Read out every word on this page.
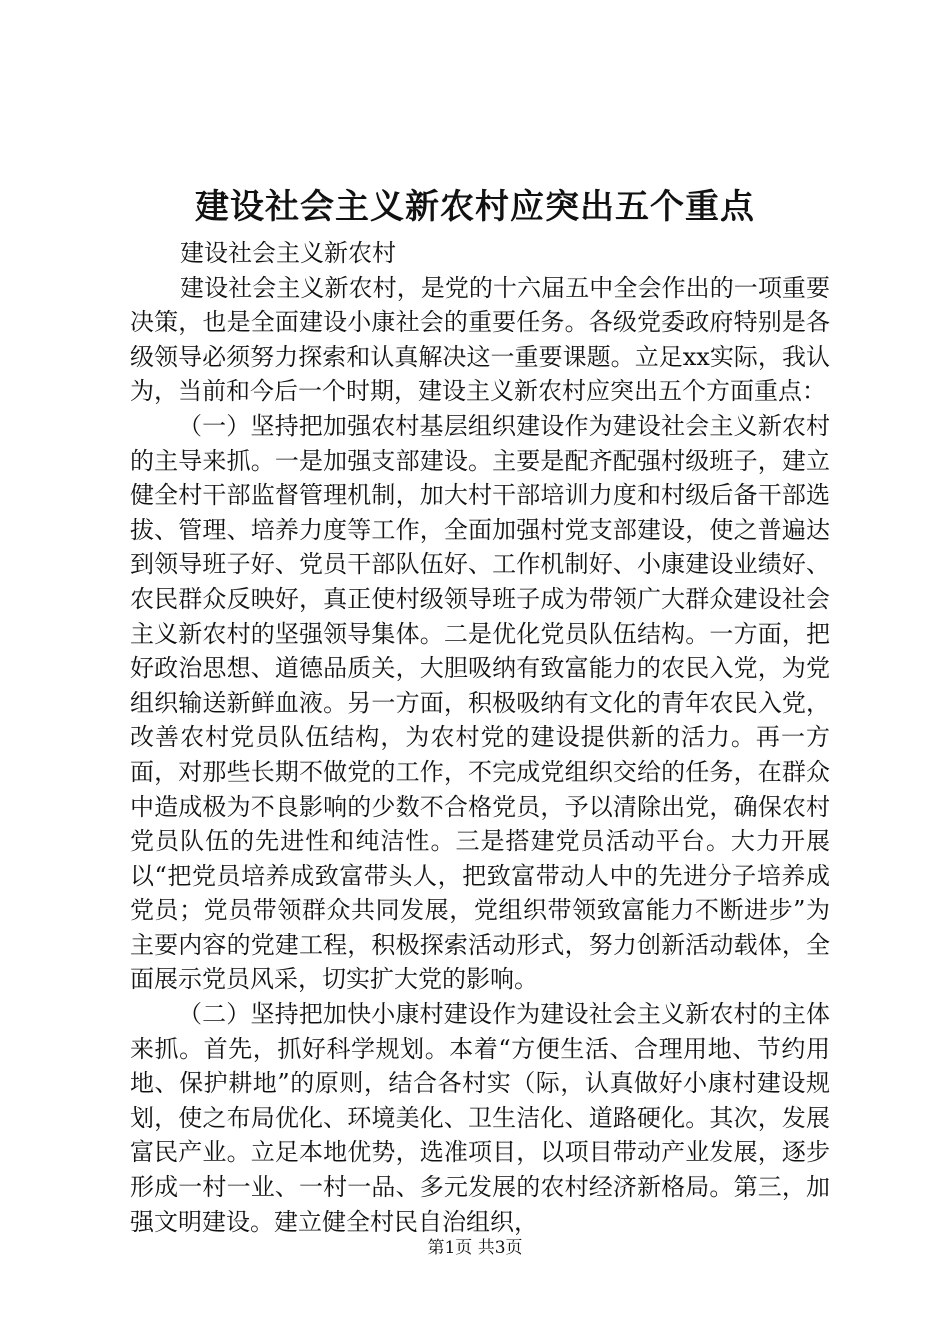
建设社会主义新农村应突出五个重点

建设社会主义新农村

建设社会主义新农村，是党的十六届五中全会作出的一项重要决策，也是全面建设小康社会的重要任务。各级党委政府特别是各级领导必须努力探索和认真解决这一重要课题。立足xx实际，我认为，当前和今后一个时期，建设主义新农村应突出五个方面重点：

（一）坚持把加强农村基层组织建设作为建设社会主义新农村的主导来抓。一是加强支部建设。主要是配齐配强村级班子，建立健全村干部监督管理机制，加大村干部培训力度和村级后备干部选拔、管理、培养力度等工作，全面加强村党支部建设，使之普遍达到领导班子好、党员干部队伍好、工作机制好、小康建设业绩好、农民群众反映好，真正使村级领导班子成为带领广大群众建设社会主义新农村的坚强领导集体。二是优化党员队伍结构。一方面，把好政治思想、道德品质关，大胆吸纳有致富能力的农民入党，为党组织输送新鲜血液。另一方面，积极吸纳有文化的青年农民入党，改善农村党员队伍结构，为农村党的建设提供新的活力。再一方面，对那些长期不做党的工作，不完成党组织交给的任务，在群众中造成极为不良影响的少数不合格党员，予以清除出党，确保农村党员队伍的先进性和纯洁性。三是搭建党员活动平台。大力开展以“把党员培养成致富带头人，把致富带动人中的先进分子培养成党员；党员带领群众共同发展，党组织带领致富能力不断进步”为主要内容的党建工程，积极探索活动形式，努力创新活动载体，全面展示党员风采，切实扩大党的影响。

（二）坚持把加快小康村建设作为建设社会主义新农村的主体来抓。首先，抓好科学规划。本着“方便生活、合理用地、节约用地、保护耕地”的原则，结合各村实（际，认真做好小康村建设规划，使之布局优化、环境美化、卫生洁化、道路硬化。其次，发展富民产业。立足本地优势，选准项目，以项目带动产业发展，逐步形成一村一业、一村一品、多元发展的农村经济新格局。第三，加强文明建设。建立健全村民自治组织，

第1页 共3页
